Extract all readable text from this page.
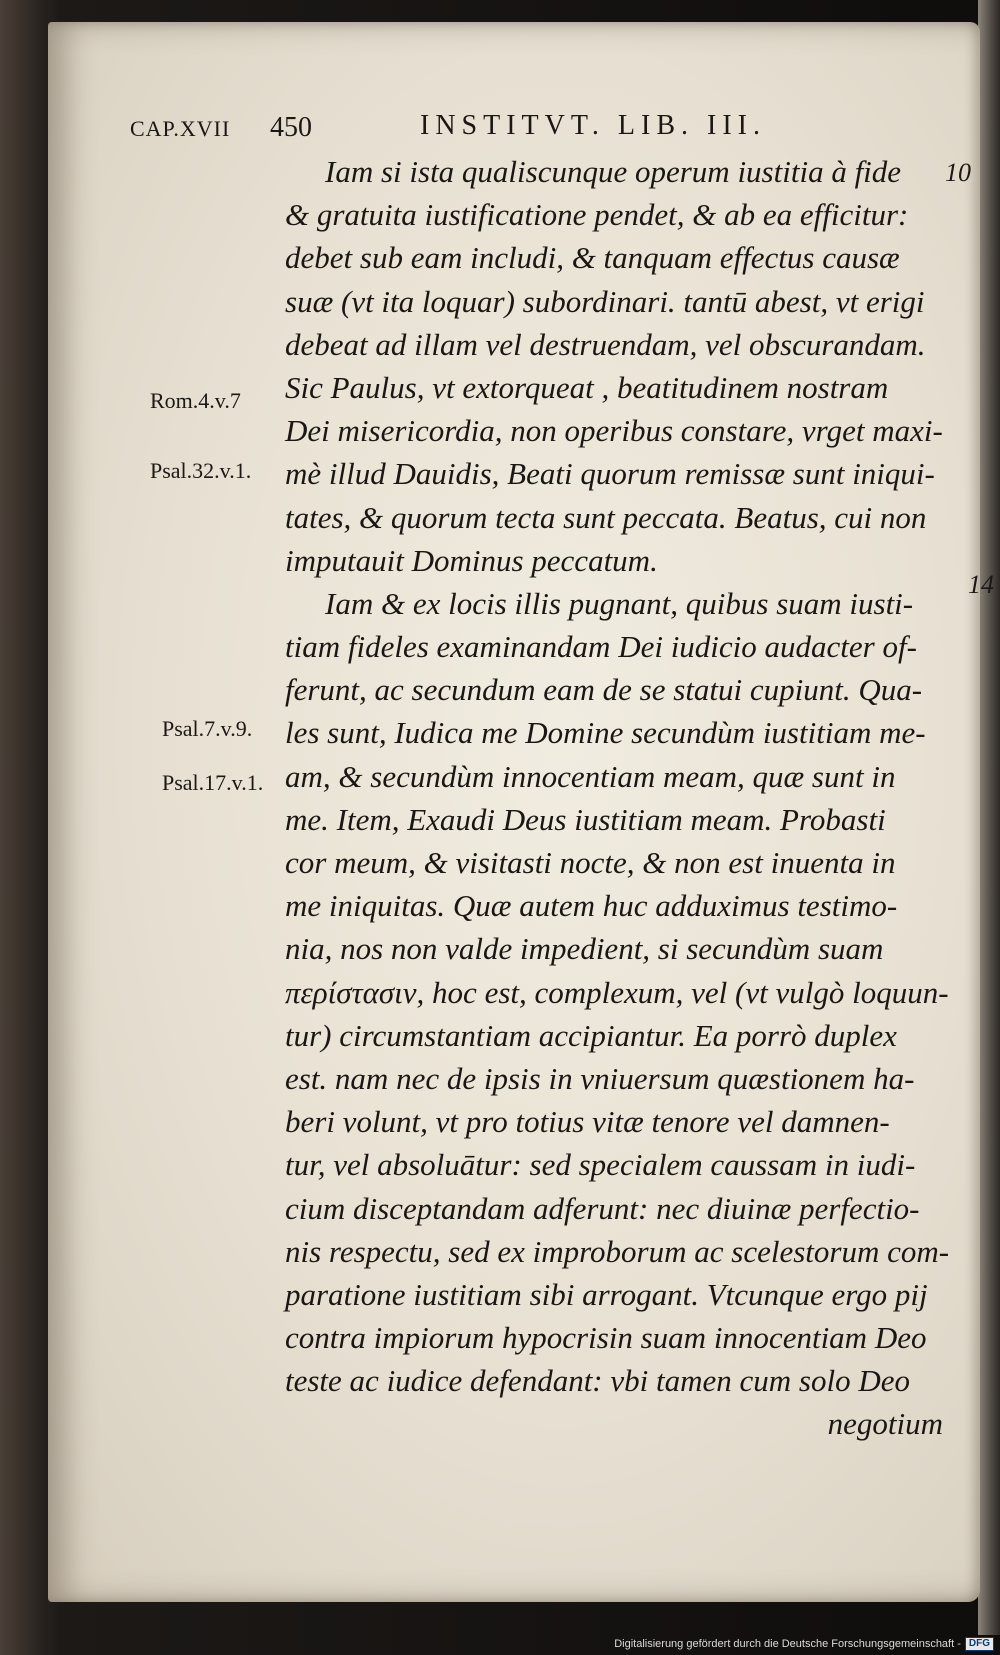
CAP.XVII 450	INSTITVT. LIB. III.
10
14
Rom.4.v.7
Psal.32.v.1.
Psal.7.v.9.
Psal.17.v.1.
Iam si ista qualiscunque operum iustitia à fide
& gratuita iustificatione pendet, & ab ea efficitur:
debet sub eam includi, & tanquam effectus causæ
suæ (vt ita loquar) subordinari. tantū abest, vt erigi
debeat ad illam vel destruendam, vel obscurandam.
Sic Paulus, vt extorqueat , beatitudinem nostram
Dei misericordia, non operibus constare, vrget maxi-
mè illud Dauidis, Beati quorum remissæ sunt iniqui-
tates, & quorum tecta sunt peccata. Beatus, cui non
imputauit Dominus peccatum.
Iam & ex locis illis pugnant, quibus suam iusti-
tiam fideles examinandam Dei iudicio audacter of-
ferunt, ac secundum eam de se statui cupiunt. Qua-
les sunt, Iudica me Domine secundùm iustitiam me-
am, & secundùm innocentiam meam, quæ sunt in
me. Item, Exaudi Deus iustitiam meam. Probasti
cor meum, & visitasti nocte, & non est inuenta in
me iniquitas. Quæ autem huc adduximus testimo-
nia, nos non valde impedient, si secundùm suam
περίστασιν, hoc est, complexum, vel (vt vulgò loquun-
tur) circumstantiam accipiantur. Ea porrò duplex
est. nam nec de ipsis in vniuersum quæstionem ha-
beri volunt, vt pro totius vitæ tenore vel damnen-
tur, vel absoluātur: sed specialem caussam in iudi-
cium disceptandam adferunt: nec diuinæ perfectio-
nis respectu, sed ex improborum ac scelestorum com-
paratione iustitiam sibi arrogant. Vtcunque ergo pij
contra impiorum hypocrisin suam innocentiam Deo
teste ac iudice defendant: vbi tamen cum solo Deo
negotium
Digitalisierung gefördert durch die Deutsche Forschungsgemeinschaft - DFG
